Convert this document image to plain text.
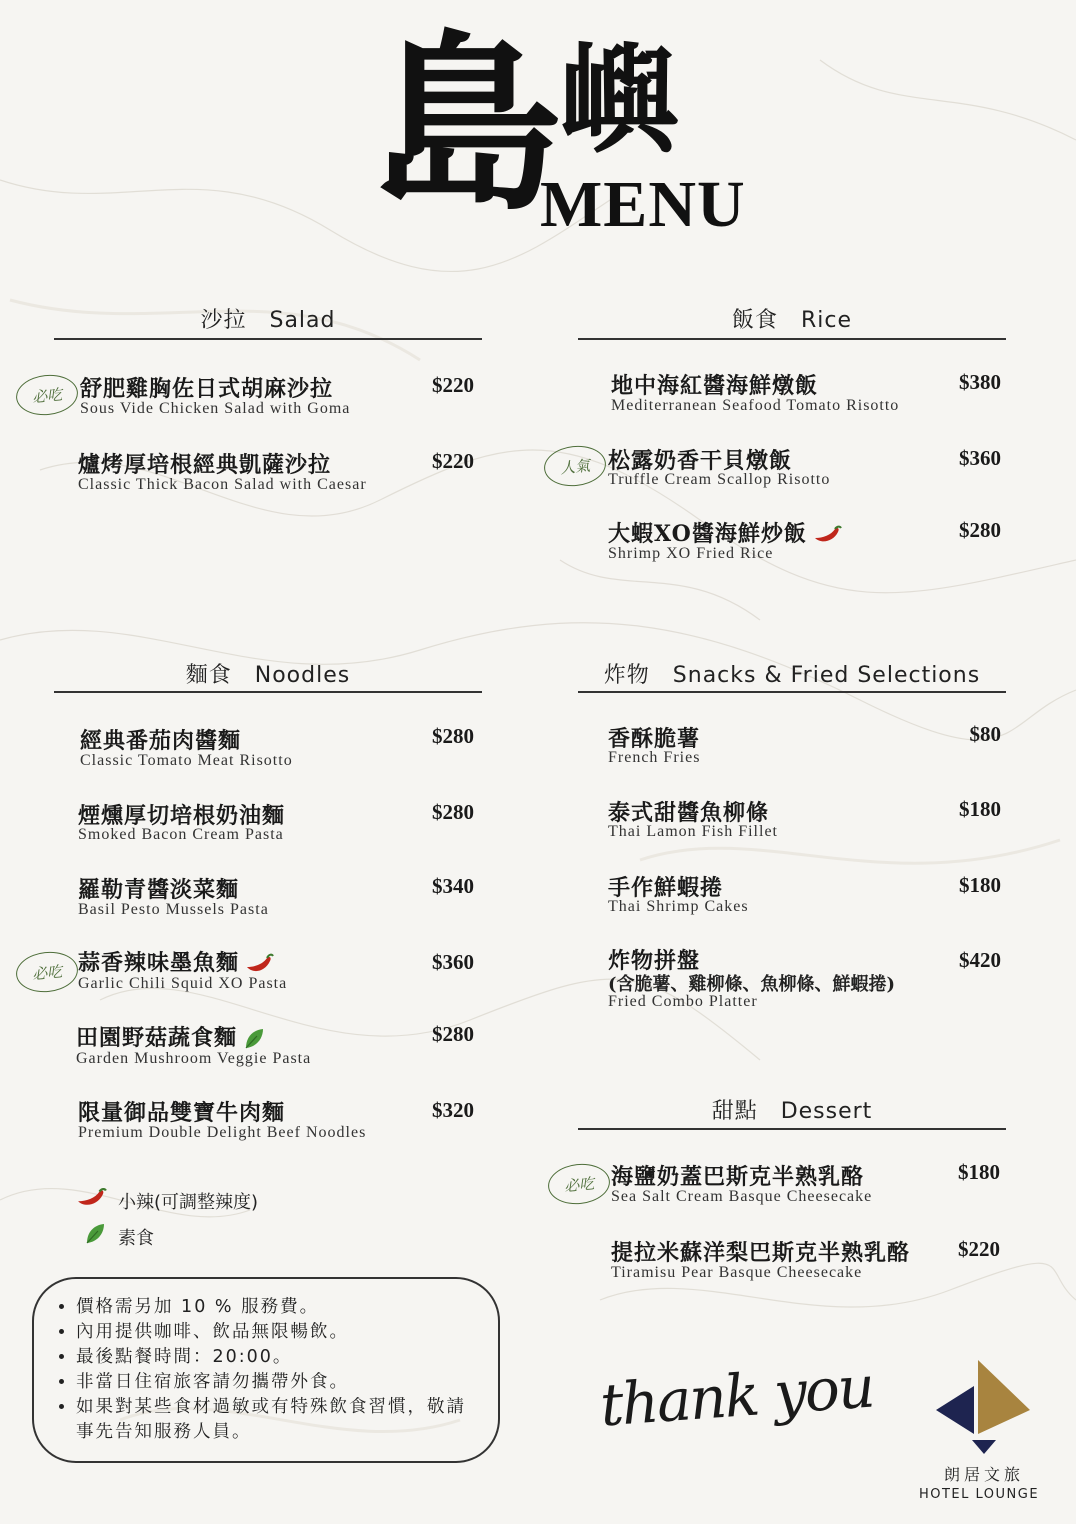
島
嶼
MENU
沙拉　Salad
必吃 舒肥雞胸佐日式胡麻沙拉
Sous Vide Chicken Salad with Goma
$220
爐烤厚培根經典凱薩沙拉
Classic Thick Bacon Salad with Caesar
$220
飯食　Rice
地中海紅醬海鮮燉飯
Mediterranean Seafood Tomato Risotto
$380
人氣 松露奶香干貝燉飯
Truffle Cream Scallop Risotto
$360
大蝦XO醬海鮮炒飯
Shrimp XO Fried Rice
$280
麵食　Noodles
經典番茄肉醬麵
Classic Tomato Meat Risotto
$280
煙燻厚切培根奶油麵
Smoked Bacon Cream Pasta
$280
羅勒青醬淡菜麵
Basil Pesto Mussels Pasta
$340
必吃 蒜香辣味墨魚麵
Garlic Chili Squid XO Pasta
$360
田園野菇蔬食麵
Garden Mushroom Veggie Pasta
$280
限量御品雙寶牛肉麵
Premium Double Delight Beef Noodles
$320
小辣(可調整辣度)
素食
• 價格需另加 10 % 服務費。
• 內用提供咖啡、飲品無限暢飲。
• 最後點餐時間：20:00。
• 非當日住宿旅客請勿攜帶外食。
• 如果對某些食材過敏或有特殊飲食習慣，敬請事先告知服務人員。
炸物　Snacks & Fried Selections
香酥脆薯
French Fries
$80
泰式甜醬魚柳條
Thai Lamon Fish Fillet
$180
手作鮮蝦捲
Thai Shrimp Cakes
$180
炸物拼盤
(含脆薯、雞柳條、魚柳條、鮮蝦捲)
Fried Combo Platter
$420
甜點　Dessert
必吃 海鹽奶蓋巴斯克半熟乳酪
Sea Salt Cream Basque Cheesecake
$180
提拉米蘇洋梨巴斯克半熟乳酪
Tiramisu Pear Basque Cheesecake
$220
thank you
朗居文旅
HOTEL LOUNGE
